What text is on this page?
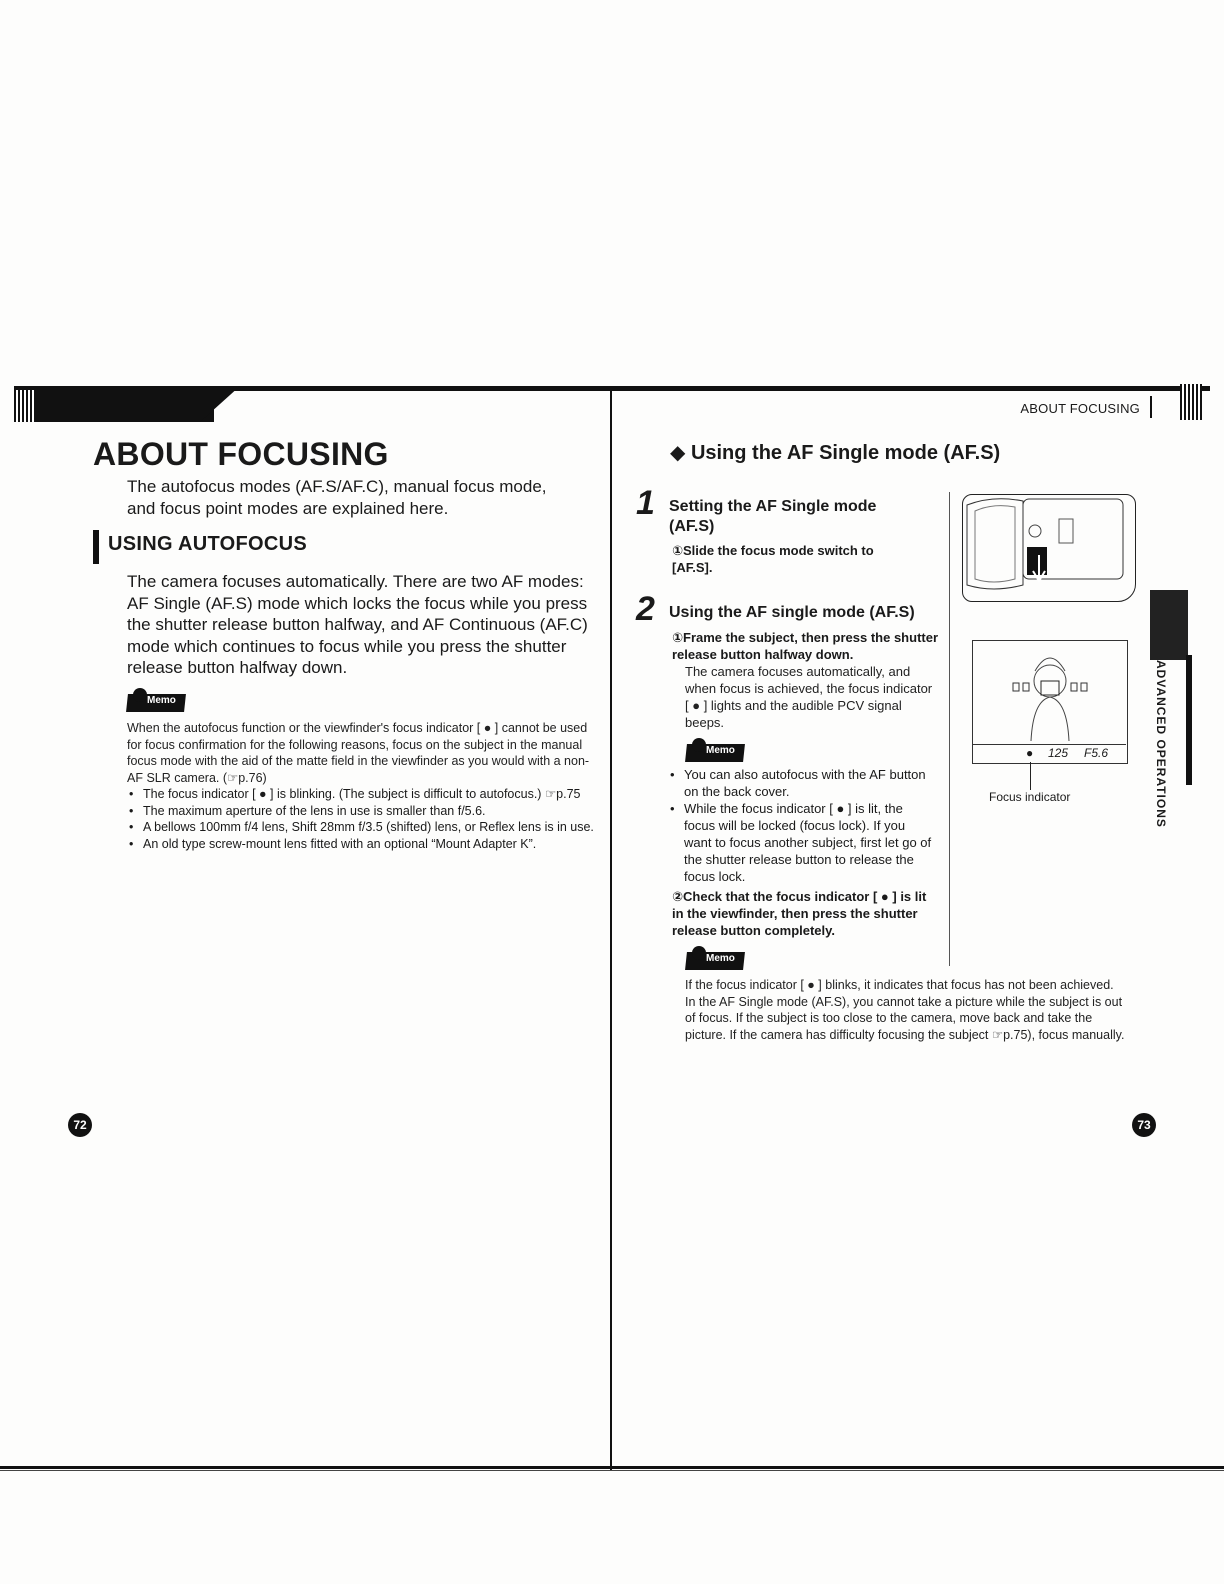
ABOUT FOCUSING
ABOUT FOCUSING
The autofocus modes (AF.S/AF.C), manual focus mode, and focus point modes are explained here.
USING AUTOFOCUS
The camera focuses automatically. There are two AF modes: AF Single (AF.S) mode which locks the focus while you press the shutter release button halfway, and AF Continuous (AF.C) mode which continues to focus while you press the shutter release button halfway down.
Memo
When the autofocus function or the viewfinder's focus indicator [ ● ] cannot be used for focus confirmation for the following reasons, focus on the subject in the manual focus mode with the aid of the matte field in the viewfinder as you would with a non-AF SLR camera. (☞p.76)
• The focus indicator [ ● ] is blinking. (The subject is difficult to autofocus.) ☞p.75
• The maximum aperture of the lens in use is smaller than f/5.6.
• A bellows 100mm f/4 lens, Shift 28mm f/3.5 (shifted) lens, or Reflex lens is in use.
• An old type screw-mount lens fitted with an optional “Mount Adapter K”.
72
◆ Using the AF Single mode (AF.S)
1 Setting the AF Single mode (AF.S)
①Slide the focus mode switch to [AF.S].
2 Using the AF single mode (AF.S)
①Frame the subject, then press the shutter release button halfway down.
The camera focuses automatically, and when focus is achieved, the focus indicator [ ● ] lights and the audible PCV signal beeps.
Memo
• You can also autofocus with the AF button on the back cover.
• While the focus indicator [ ● ] is lit, the focus will be locked (focus lock). If you want to focus another subject, first let go of the shutter release button to release the focus lock.
②Check that the focus indicator [ ● ] is lit in the viewfinder, then press the shutter release button completely.
Memo
If the focus indicator [ ● ] blinks, it indicates that focus has not been achieved. In the AF Single mode (AF.S), you cannot take a picture while the subject is out of focus. If the subject is too close to the camera, move back and take the picture. If the camera has difficulty focusing the subject ☞p.75), focus manually.
● 125 F5.6
Focus indicator	ADVANCED OPERATIONS
73
